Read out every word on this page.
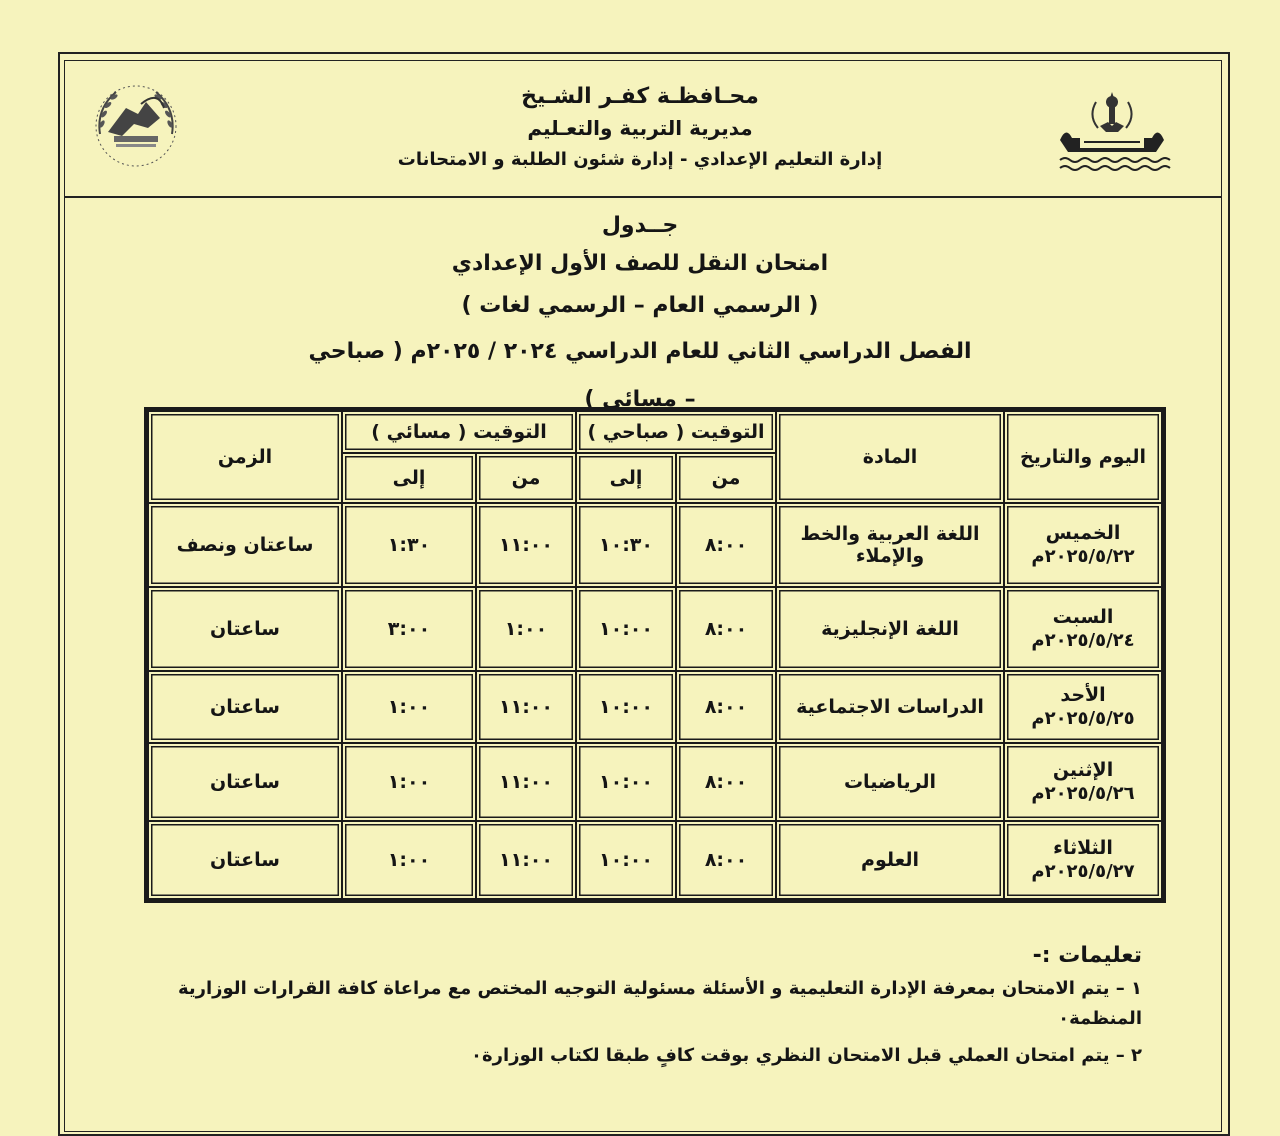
محـافظـة كفـر الشـيخ
مديرية التربية والتعـليم
إدارة التعليم الإعدادي - إدارة شئون الطلبة و الامتحانات
جــدول
امتحان النقل للصف الأول الإعدادي
( الرسمي العام – الرسمي لغات )
الفصل الدراسي الثاني للعام الدراسي ٢٠٢٤ / ٢٠٢٥م ( صباحي – مسائي )
اليوم والتاريخ	المادة	التوقيت ( صباحي )		التوقيت ( مسائي )		الزمن
		من	إلى	من	إلى	

الخميس
٢٠٢٥/٥/٢٢م	اللغة العربية والخط والإملاء	٨:٠٠	١٠:٣٠	١١:٠٠	١:٣٠	ساعتان ونصف

السبت
٢٠٢٥/٥/٢٤م	اللغة الإنجليزية	٨:٠٠	١٠:٠٠	١:٠٠	٣:٠٠	ساعتان

الأحد
٢٠٢٥/٥/٢٥م	الدراسات الاجتماعية	٨:٠٠	١٠:٠٠	١١:٠٠	١:٠٠	ساعتان

الإثنين
٢٠٢٥/٥/٢٦م	الرياضيات	٨:٠٠	١٠:٠٠	١١:٠٠	١:٠٠	ساعتان

الثلاثاء
٢٠٢٥/٥/٢٧م	العلوم	٨:٠٠	١٠:٠٠	١١:٠٠	١:٠٠	ساعتان
تعليمات :-
١ – يتم الامتحان بمعرفة الإدارة التعليمية و الأسئلة مسئولية التوجيه المختص مع مراعاة كافة القرارات الوزارية المنظمة٠
٢ – يتم امتحان العملي قبل الامتحان النظري بوقت كافٍ طبقا لكتاب الوزارة٠
